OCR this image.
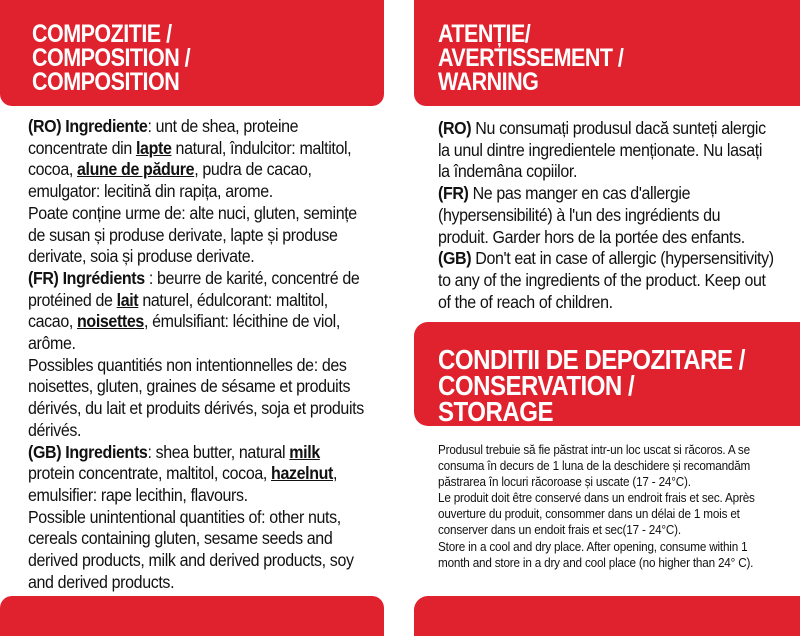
COMPOZITIE /
COMPOSITION /
COMPOSITION
ATENȚIE/
AVERTISSEMENT /
WARNING

(RO) Ingrediente: unt de shea, proteine concentrate din lapte natural, îndulcitor: maltitol, cocoa, alune de pădure, pudra de cacao, emulgator: lecitină din rapița, arome.

Poate conține urme de: alte nuci, gluten, semințe de susan și produse derivate, lapte și produse derivate, soia și produse derivate.

(FR) Ingrédients : beurre de karité, concentré de protéined de lait naturel, édulcorant: maltitol, cacao, noisettes, émulsifiant: lécithine de viol, arôme.

Possibles quantitiés non intentionnelles de: des noisettes, gluten, graines de sésame et produits dérivés, du lait et produits dérivés, soja et produits dérivés.

(GB) Ingredients: shea butter, natural milk protein concentrate, maltitol, cocoa, hazelnut, emulsifier: rape lecithin, flavours.

Possible unintentional quantities of: other nuts, cereals containing gluten, sesame seeds and derived products, milk and derived products, soy and derived products.

(RO) Nu consumați produsul dacă sunteți alergic la unul dintre ingredientele menționate. Nu lasați la îndemâna copiilor.

(FR) Ne pas manger en cas d'allergie (hypersensibilité) à l'un des ingrédients du produit. Garder hors de la portée des enfants.

(GB) Don't eat in case of allergic (hypersensitivity) to any of the ingredients of the product. Keep out of the of reach of children.

CONDITII DE DEPOZITARE /
CONSERVATION /
STORAGE

Produsul trebuie să fie păstrat intr-un loc uscat si răcoros. A se consuma în decurs de 1 luna de la deschidere și recomandăm păstrarea în locuri răcoroase și uscate (17 - 24°C).

Le produit doit être conservé dans un endroit frais et sec. Après ouverture du produit, consommer dans un délai de 1 mois et conserver dans un endoit frais et sec(17 - 24°C).

Store in a cool and dry place. After opening, consume within 1 month and store in a dry and cool place (no higher than 24° C).
